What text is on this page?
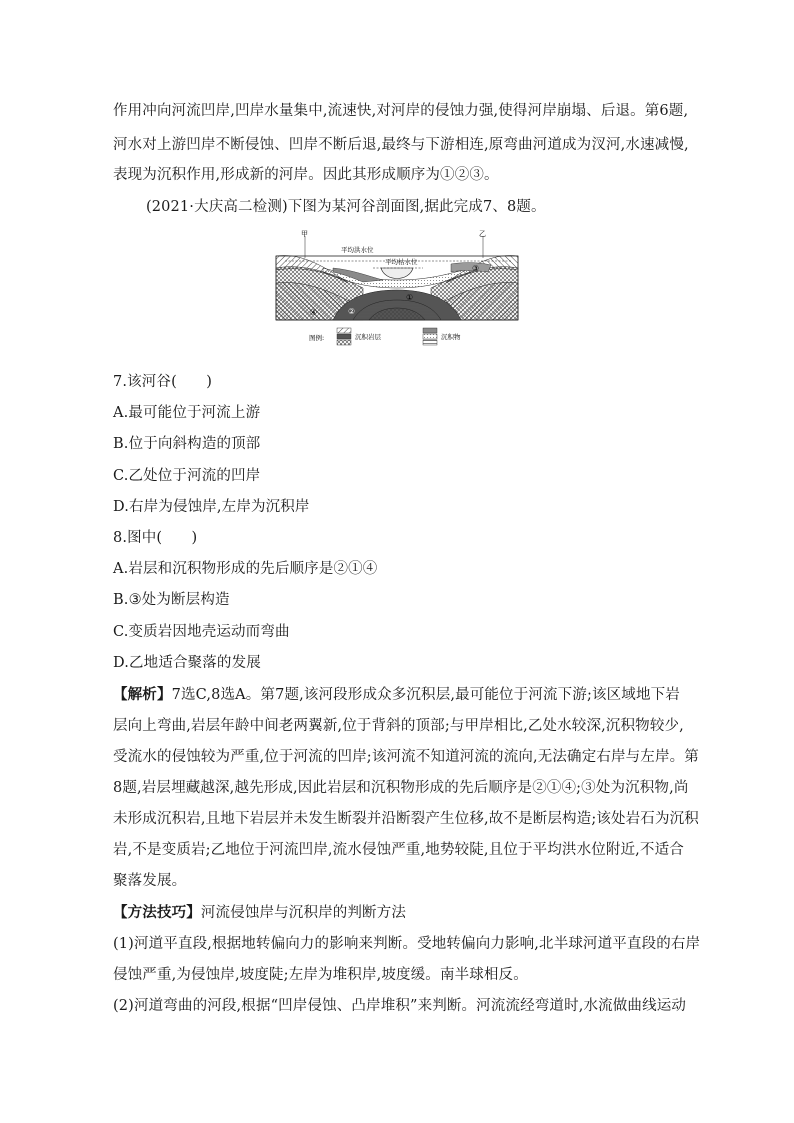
作用冲向河流凹岸,凹岸水量集中,流速快,对河岸的侵蚀力强,使得河岸崩塌、后退。第6题,
河水对上游凹岸不断侵蚀、凹岸不断后退,最终与下游相连,原弯曲河道成为汊河,水速减慢,
表现为沉积作用,形成新的河岸。因此其形成顺序为①②③。
(2021·大庆高二检测)下图为某河谷剖面图,据此完成7、8题。
甲	乙
平均洪水位
平均枯水位
①
②
③
④
图例:	沉积岩层	沉积物
7.该河谷(　　)
A.最可能位于河流上游
B.位于向斜构造的顶部
C.乙处位于河流的凹岸
D.右岸为侵蚀岸,左岸为沉积岸
8.图中(　　)
A.岩层和沉积物形成的先后顺序是②①④
B.③处为断层构造
C.变质岩因地壳运动而弯曲
D.乙地适合聚落的发展
【解析】7选C,8选A。第7题,该河段形成众多沉积层,最可能位于河流下游;该区域地下岩
层向上弯曲,岩层年龄中间老两翼新,位于背斜的顶部;与甲岸相比,乙处水较深,沉积物较少,
受流水的侵蚀较为严重,位于河流的凹岸;该河流不知道河流的流向,无法确定右岸与左岸。第
8题,岩层埋藏越深,越先形成,因此岩层和沉积物形成的先后顺序是②①④;③处为沉积物,尚
未形成沉积岩,且地下岩层并未发生断裂并沿断裂产生位移,故不是断层构造;该处岩石为沉积
岩,不是变质岩;乙地位于河流凹岸,流水侵蚀严重,地势较陡,且位于平均洪水位附近,不适合
聚落发展。
【方法技巧】河流侵蚀岸与沉积岸的判断方法
(1)河道平直段,根据地转偏向力的影响来判断。受地转偏向力影响,北半球河道平直段的右岸
侵蚀严重,为侵蚀岸,坡度陡;左岸为堆积岸,坡度缓。南半球相反。
(2)河道弯曲的河段,根据“凹岸侵蚀、凸岸堆积”来判断。河流流经弯道时,水流做曲线运动
